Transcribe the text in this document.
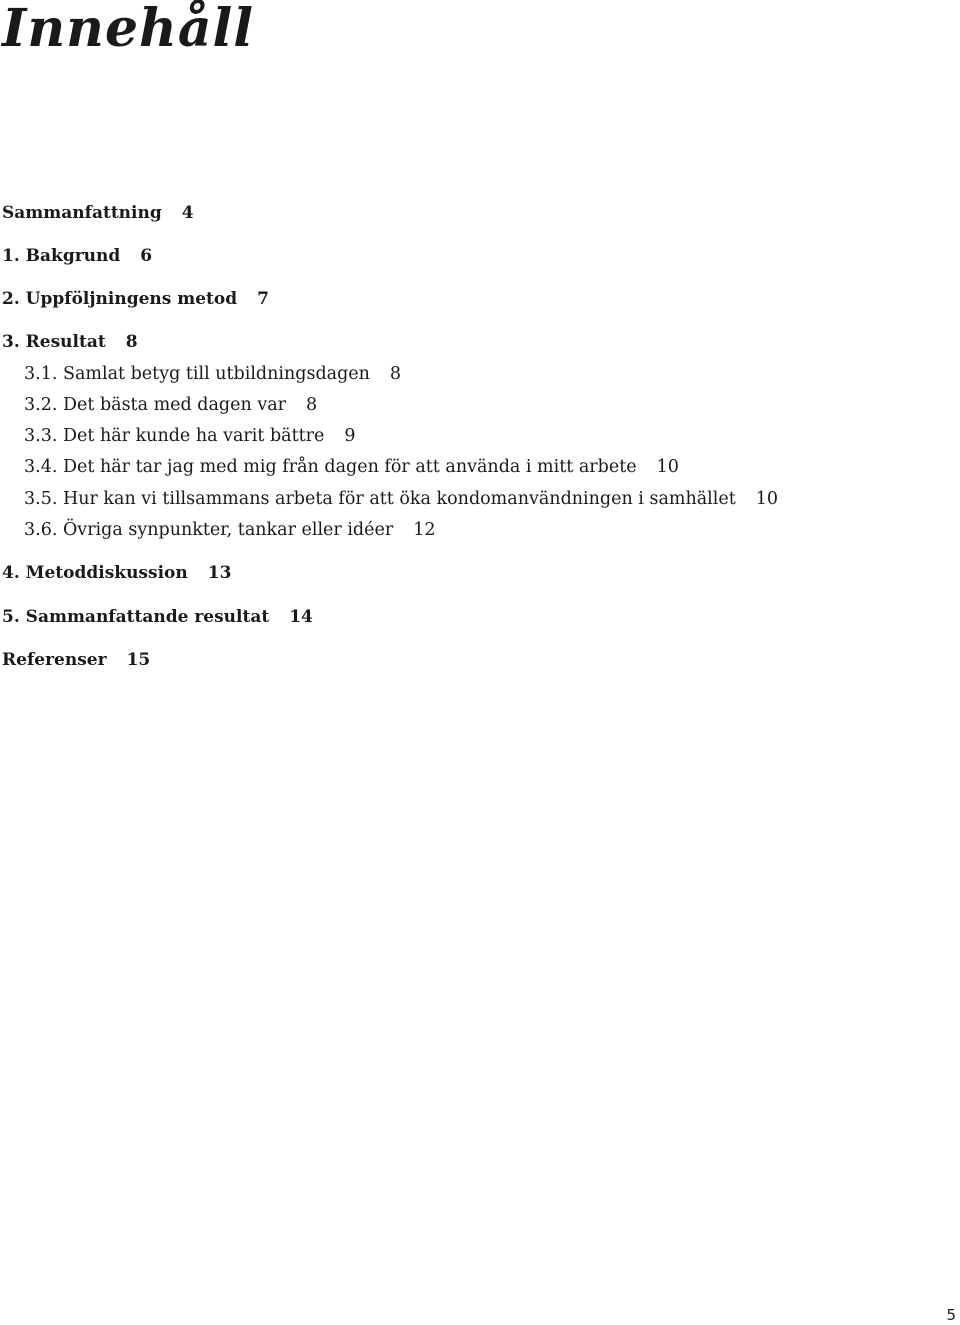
Innehåll
Sammanfattning 4
1. Bakgrund 6
2. Uppföljningens metod 7
3. Resultat 8
3.1. Samlat betyg till utbildningsdagen 8
3.2. Det bästa med dagen var 8
3.3. Det här kunde ha varit bättre 9
3.4. Det här tar jag med mig från dagen för att använda i mitt arbete 10
3.5. Hur kan vi tillsammans arbeta för att öka kondomanvändningen i samhället 10
3.6. Övriga synpunkter, tankar eller idéer 12
4. Metoddiskussion 13
5. Sammanfattande resultat 14
Referenser 15
5
